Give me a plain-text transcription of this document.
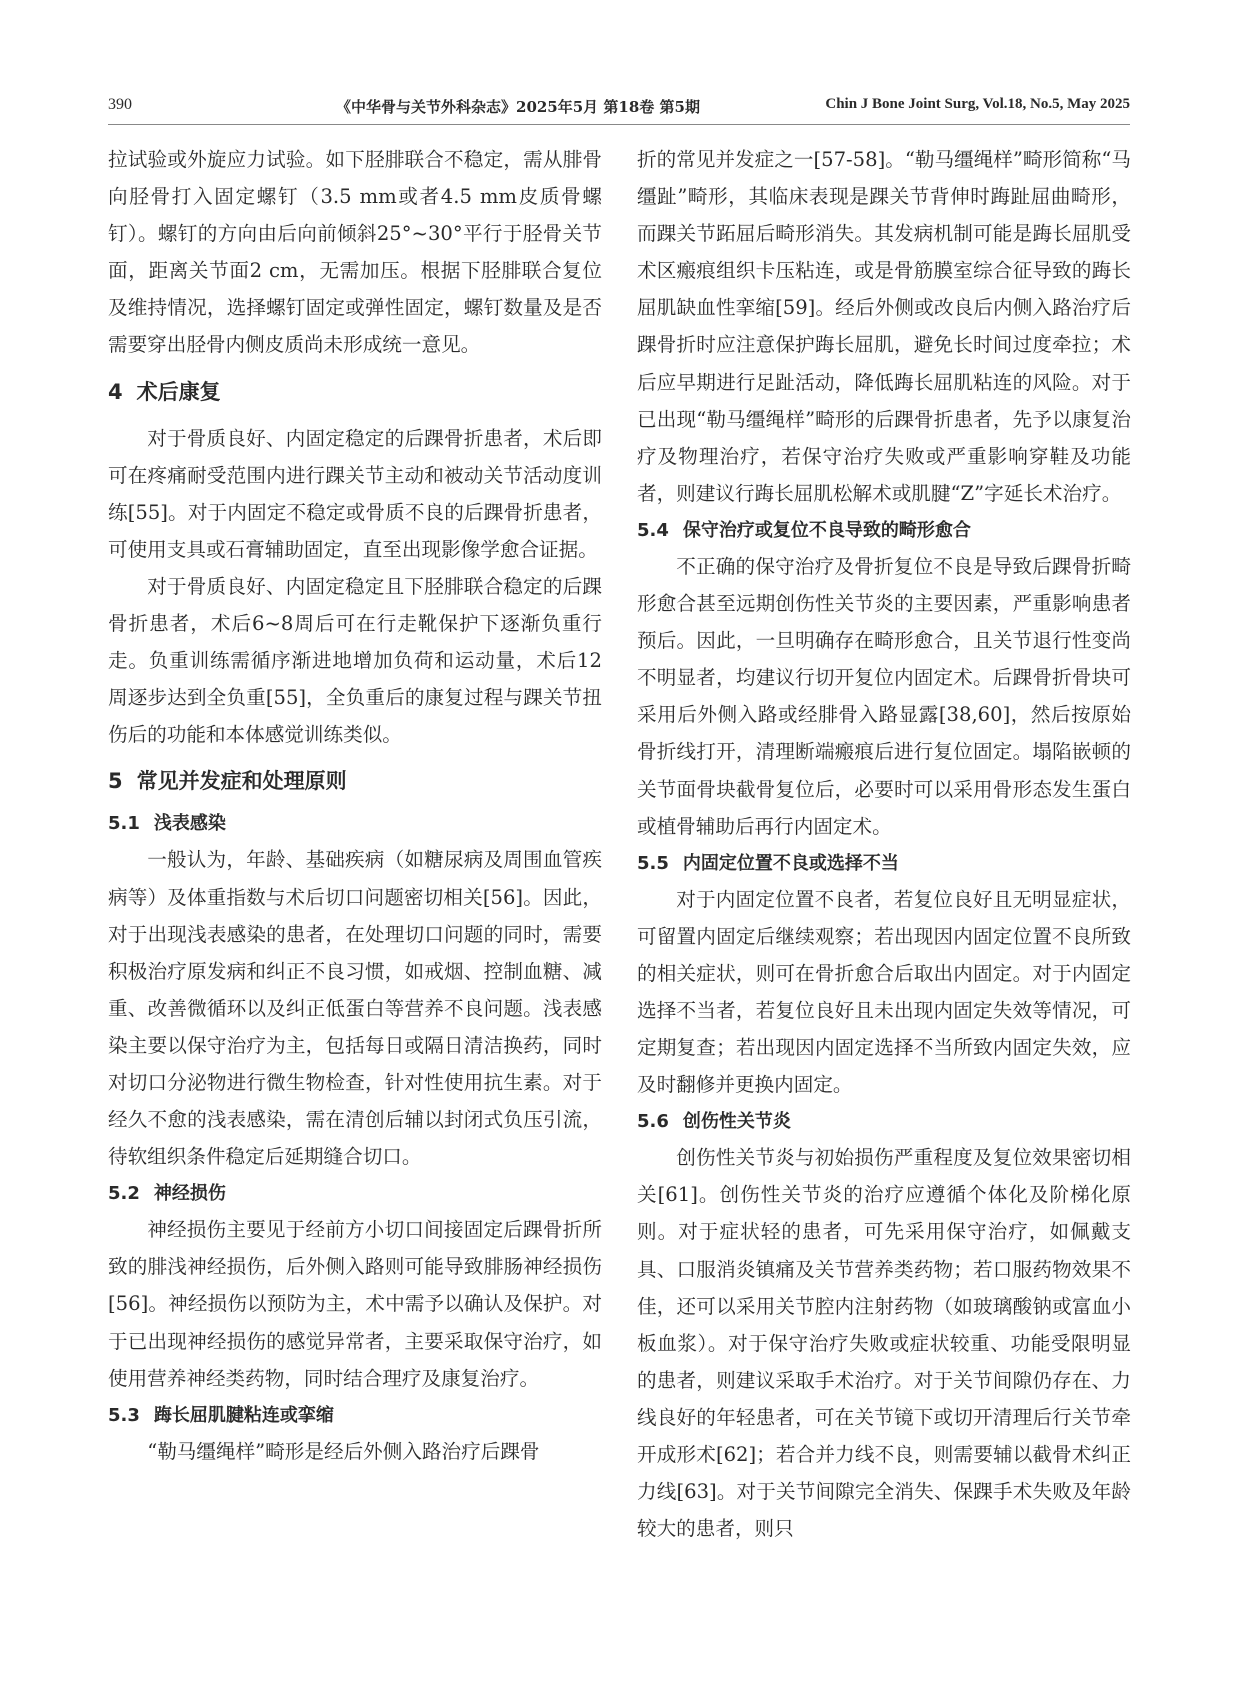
390	《中华骨与关节外科杂志》2025年5月 第18卷 第5期	Chin J Bone Joint Surg, Vol.18, No.5, May 2025

拉试验或外旋应力试验。如下胫腓联合不稳定，需从腓骨向胫骨打入固定螺钉（3.5 mm或者4.5 mm皮质骨螺钉）。螺钉的方向由后向前倾斜25°~30°平行于胫骨关节面，距离关节面2 cm，无需加压。根据下胫腓联合复位及维持情况，选择螺钉固定或弹性固定，螺钉数量及是否需要穿出胫骨内侧皮质尚未形成统一意见。

4 术后康复

对于骨质良好、内固定稳定的后踝骨折患者，术后即可在疼痛耐受范围内进行踝关节主动和被动关节活动度训练[55]。对于内固定不稳定或骨质不良的后踝骨折患者，可使用支具或石膏辅助固定，直至出现影像学愈合证据。

对于骨质良好、内固定稳定且下胫腓联合稳定的后踝骨折患者，术后6~8周后可在行走靴保护下逐渐负重行走。负重训练需循序渐进地增加负荷和运动量，术后12周逐步达到全负重[55]，全负重后的康复过程与踝关节扭伤后的功能和本体感觉训练类似。

5 常见并发症和处理原则
5.1 浅表感染

一般认为，年龄、基础疾病（如糖尿病及周围血管疾病等）及体重指数与术后切口问题密切相关[56]。因此，对于出现浅表感染的患者，在处理切口问题的同时，需要积极治疗原发病和纠正不良习惯，如戒烟、控制血糖、减重、改善微循环以及纠正低蛋白等营养不良问题。浅表感染主要以保守治疗为主，包括每日或隔日清洁换药，同时对切口分泌物进行微生物检查，针对性使用抗生素。对于经久不愈的浅表感染，需在清创后辅以封闭式负压引流，待软组织条件稳定后延期缝合切口。

5.2 神经损伤

神经损伤主要见于经前方小切口间接固定后踝骨折所致的腓浅神经损伤，后外侧入路则可能导致腓肠神经损伤[56]。神经损伤以预防为主，术中需予以确认及保护。对于已出现神经损伤的感觉异常者，主要采取保守治疗，如使用营养神经类药物，同时结合理疗及康复治疗。

5.3 踇长屈肌腱粘连或挛缩

“勒马缰绳样”畸形是经后外侧入路治疗后踝骨

折的常见并发症之一[57-58]。“勒马缰绳样”畸形简称“马缰趾”畸形，其临床表现是踝关节背伸时踇趾屈曲畸形，而踝关节跖屈后畸形消失。其发病机制可能是踇长屈肌受术区瘢痕组织卡压粘连，或是骨筋膜室综合征导致的踇长屈肌缺血性挛缩[59]。经后外侧或改良后内侧入路治疗后踝骨折时应注意保护踇长屈肌，避免长时间过度牵拉；术后应早期进行足趾活动，降低踇长屈肌粘连的风险。对于已出现“勒马缰绳样”畸形的后踝骨折患者，先予以康复治疗及物理治疗，若保守治疗失败或严重影响穿鞋及功能者，则建议行踇长屈肌松解术或肌腱“Z”字延长术治疗。

5.4 保守治疗或复位不良导致的畸形愈合

不正确的保守治疗及骨折复位不良是导致后踝骨折畸形愈合甚至远期创伤性关节炎的主要因素，严重影响患者预后。因此，一旦明确存在畸形愈合，且关节退行性变尚不明显者，均建议行切开复位内固定术。后踝骨折骨块可采用后外侧入路或经腓骨入路显露[38,60]，然后按原始骨折线打开，清理断端瘢痕后进行复位固定。塌陷嵌顿的关节面骨块截骨复位后，必要时可以采用骨形态发生蛋白或植骨辅助后再行内固定术。

5.5 内固定位置不良或选择不当

对于内固定位置不良者，若复位良好且无明显症状，可留置内固定后继续观察；若出现因内固定位置不良所致的相关症状，则可在骨折愈合后取出内固定。对于内固定选择不当者，若复位良好且未出现内固定失效等情况，可定期复查；若出现因内固定选择不当所致内固定失效，应及时翻修并更换内固定。

5.6 创伤性关节炎

创伤性关节炎与初始损伤严重程度及复位效果密切相关[61]。创伤性关节炎的治疗应遵循个体化及阶梯化原则。对于症状轻的患者，可先采用保守治疗，如佩戴支具、口服消炎镇痛及关节营养类药物；若口服药物效果不佳，还可以采用关节腔内注射药物（如玻璃酸钠或富血小板血浆）。对于保守治疗失败或症状较重、功能受限明显的患者，则建议采取手术治疗。对于关节间隙仍存在、力线良好的年轻患者，可在关节镜下或切开清理后行关节牵开成形术[62]；若合并力线不良，则需要辅以截骨术纠正力线[63]。对于关节间隙完全消失、保踝手术失败及年龄较大的患者，则只
